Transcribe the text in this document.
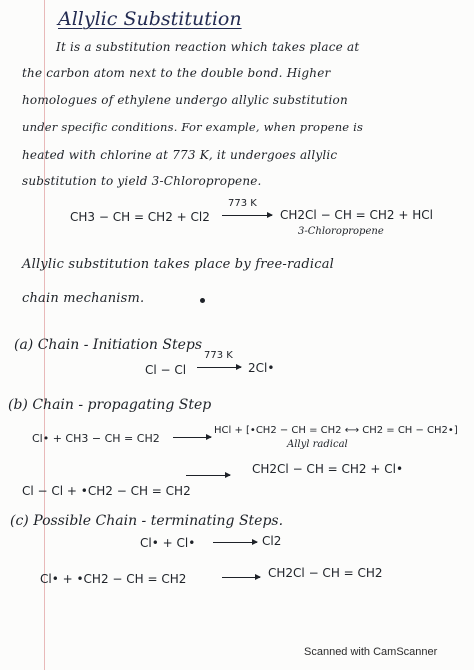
Allylic Substitution
It is a substitution reaction which takes place at
the carbon atom next to the double bond. Higher
homologues of ethylene undergo allylic substitution
under specific conditions. For example, when propene is
heated with chlorine at 773 K, it undergoes allylic
substitution to yield 3-Chloropropene.
CH3 − CH = CH2 + Cl2
773 K
CH2Cl − CH = CH2 + HCl
3-Chloropropene
Allylic substitution takes place by free-radical
chain mechanism.
(a) Chain - Initiation Steps
Cl − Cl
773 K
2Cl•
(b) Chain - propagating Step
Cl• + CH3 − CH = CH2
HCl + [•CH2 − CH = CH2 ⟷ CH2 = CH − CH2•]
Allyl radical
Cl − Cl + •CH2 − CH = CH2
CH2Cl − CH = CH2 + Cl•
(c) Possible Chain - terminating Steps.
Cl• + Cl•	Cl2
Cl• + •CH2 − CH = CH2	CH2Cl − CH = CH2
Scanned with CamScanner
